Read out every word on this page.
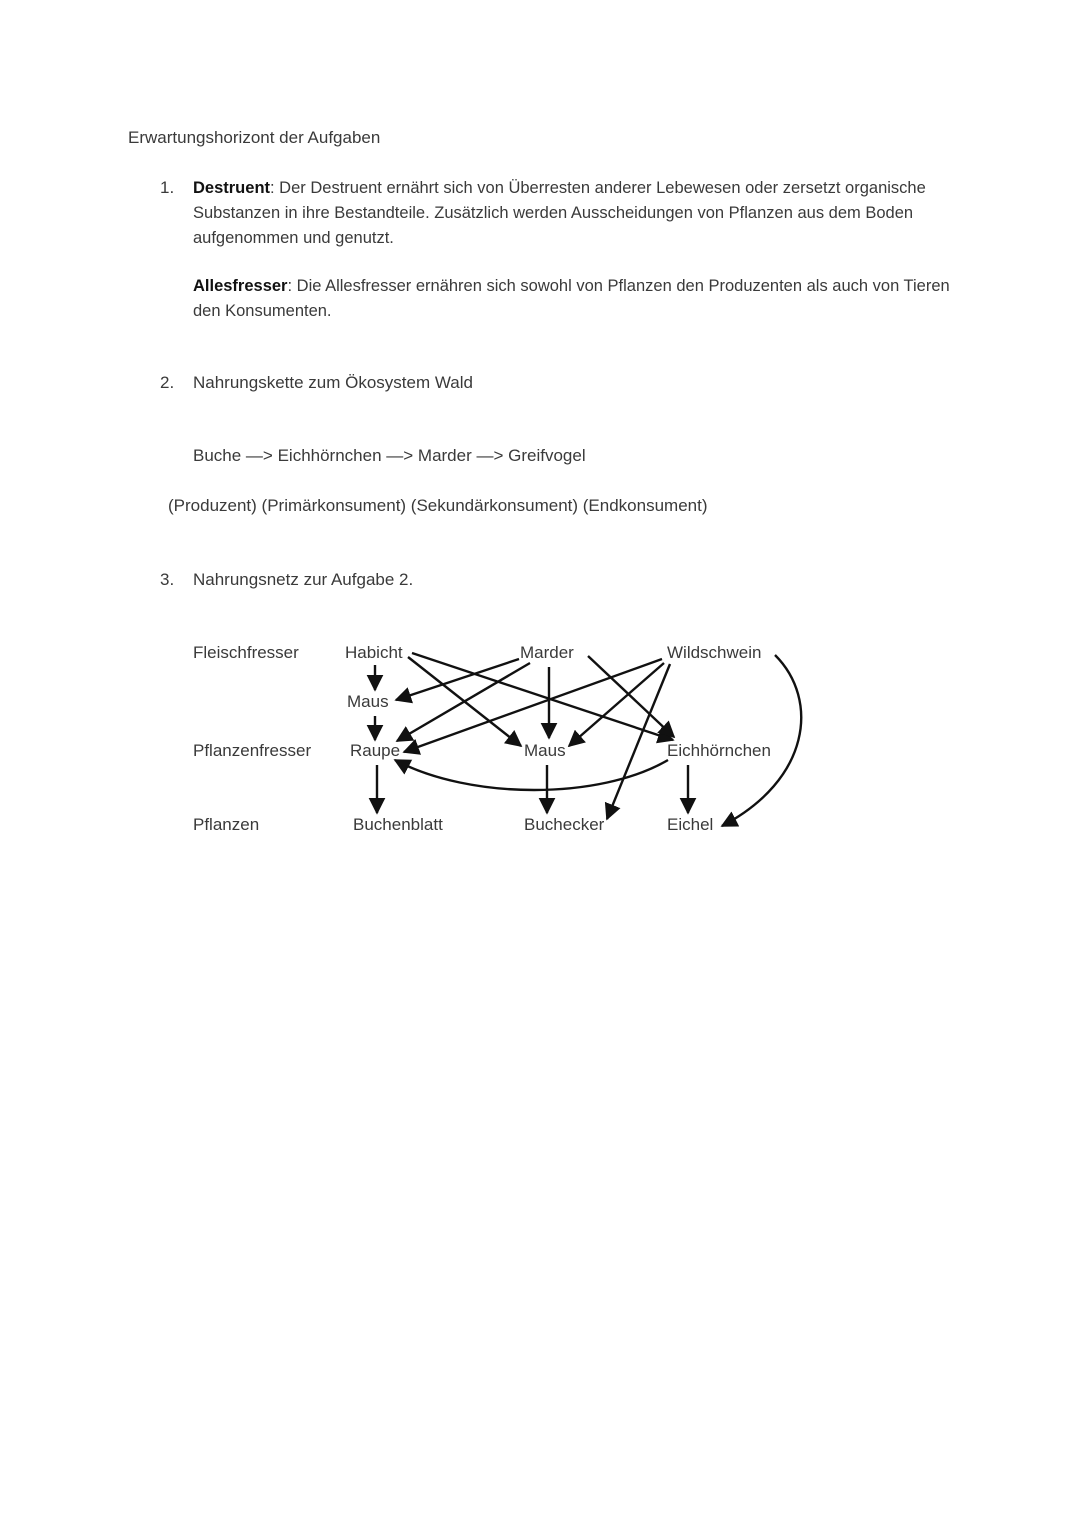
Erwartungshorizont der Aufgaben
1. Destruent: Der Destruent ernährt sich von Überresten anderer Lebewesen oder zersetzt organische Substanzen in ihre Bestandteile. Zusätzlich werden Ausscheidungen von Pflanzen aus dem Boden aufgenommen und genutzt.
Allesfresser: Die Allesfresser ernähren sich sowohl von Pflanzen den Produzenten als auch von Tieren den Konsumenten.
2. Nahrungskette zum Ökosystem Wald
Buche —> Eichhörnchen —> Marder —> Greifvogel
(Produzent) (Primärkonsument) (Sekundärkonsument) (Endkonsument)
3. Nahrungsnetz zur Aufgabe 2.
Fleischfresser
Pflanzenfresser
Pflanzen
Habicht	Marder	Wildschwein
Maus
Raupe	Maus	Eichhörnchen
Buchenblatt	Buchecker	Eichel
